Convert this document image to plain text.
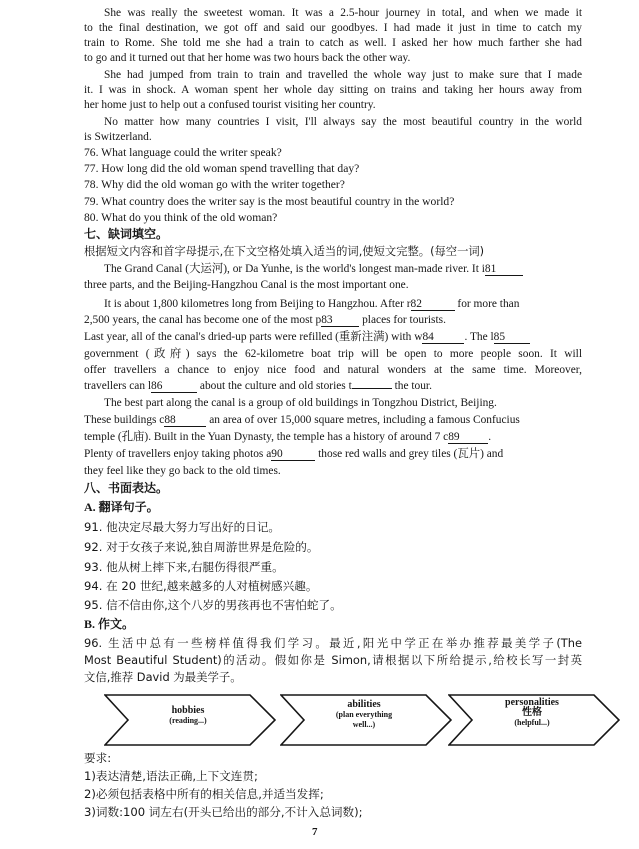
She was really the sweetest woman. It was a 2.5-hour journey in total, and when we made it
to the final destination, we got off and said our goodbyes. I had made it just in time to catch my
train to Rome. She told me she had a train to catch as well. I asked her how much farther she had
to go and it turned out that her home was two hours back the other way.
She had jumped from train to train and travelled the whole way just to make sure that I made
it. I was in shock. A woman spent her whole day sitting on trains and taking her hours away from
her home just to help out a confused tourist visiting her country.
No matter how many countries I visit, I'll always say the most beautiful country in the world
is Switzerland.
76. What language could the writer speak?
77. How long did the old woman spend travelling that day?
78. Why did the old woman go with the writer together?
79. What country does the writer say is the most beautiful country in the world?
80. What do you think of the old woman?
七、缺词填空。
根据短文内容和首字母提示,在下文空格处填入适当的词,使短文完整。(每空一词)
The Grand Canal (大运河), or Da Yunhe, is the world's longest man-made river. It i81
three parts, and the Beijing-Hangzhou Canal is the most important one.
It is about 1,800 kilometres long from Beijing to Hangzhou. After r82	for more than
2,500 years, the canal has become one of the most p83	places for tourists.
Last year, all of the canal's dried-up parts were refilled (重新注满) with w84	. The l85
government (政府) says the 62-kilometre boat trip will be open to more people soon. It will
offer travellers a chance to enjoy nice food and natural wonders at the same time. Moreover,
travellers can l86	about the culture and old stories t	the tour.
The best part along the canal is a group of old buildings in Tongzhou District, Beijing.
These buildings c88	an area of over 15,000 square metres, including a famous Confucius
temple (孔庙). Built in the Yuan Dynasty, the temple has a history of around 7 c89	.
Plenty of travellers enjoy taking photos a90	those red walls and grey tiles (瓦片) and
they feel like they go back to the old times.
八、书面表达。
A. 翻译句子。
91. 他决定尽最大努力写出好的日记。
92. 对于女孩子来说,独自周游世界是危险的。
93. 他从树上摔下来,右腿伤得很严重。
94. 在 20 世纪,越来越多的人对植树感兴趣。
95. 信不信由你,这个八岁的男孩再也不害怕蛇了。
B. 作文。
96. 生活中总有一些榜样值得我们学习。最近,阳光中学正在举办推荐最美学子(The
Most Beautiful Student)的活动。假如你是 Simon,请根据以下所给提示,给校长写一封英
文信,推荐 David 为最美学子。
hobbies
(reading...)
abilities
(plan everything
well...)
personalities
性格
(helpful...)
要求:
1)表达清楚,语法正确,上下文连贯;
2)必须包括表格中所有的相关信息,并适当发挥;
3)词数:100 词左右(开头已给出的部分,不计入总词数);
7
